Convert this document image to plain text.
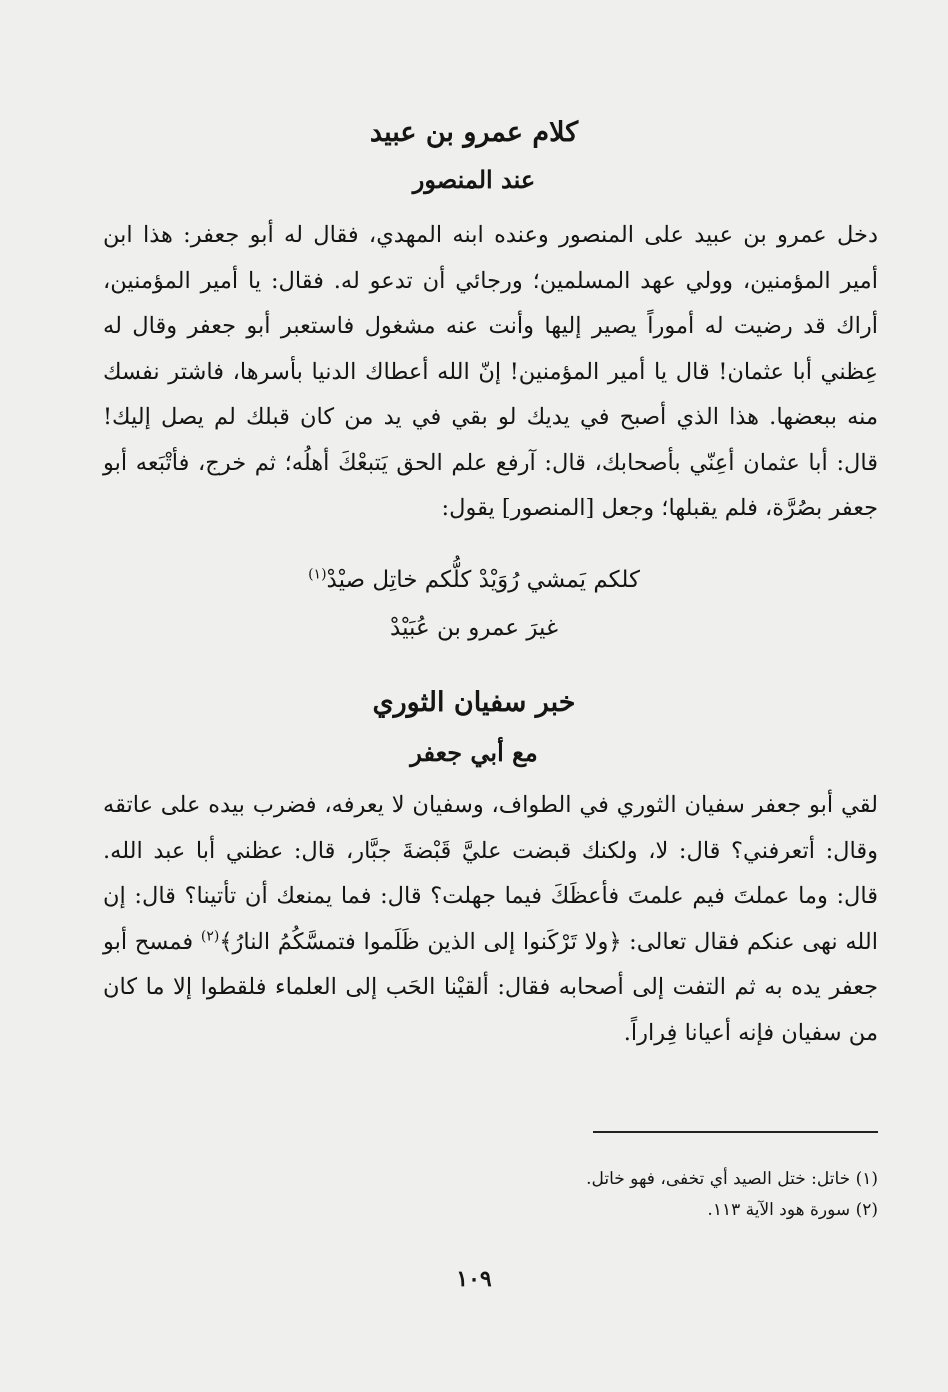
كلام عمرو بن عبيد
عند المنصور

دخل عمرو بن عبيد على المنصور وعنده ابنه المهدي، فقال له أبو جعفر: هذا ابن أمير المؤمنين، وولي عهد المسلمين؛ ورجائي أن تدعو له. فقال: يا أمير المؤمنين، أراك قد رضيت له أموراً يصير إليها وأنت عنه مشغول فاستعبر أبو جعفر وقال له عِظني أبا عثمان! قال يا أمير المؤمنين! إنّ الله أعطاك الدنيا بأسرها، فاشتر نفسك منه ببعضها. هذا الذي أصبح في يديك لو بقي في يد من كان قبلك لم يصل إليك! قال: أبا عثمان أعِنّي بأصحابك، قال: آرفع علم الحق يَتبعْكَ أهلُه؛ ثم خرج، فأتْبَعه أبو جعفر بصُرَّة، فلم يقبلها؛ وجعل [المنصور] يقول:

كلكم يَمشي رُوَيْدْ كلُّكم خاتِل صيْدْ$^{(١)}$
غيرَ عمرو بن عُبَيْدْ
خبر سفيان الثوري
مع أبي جعفر

لقي أبو جعفر سفيان الثوري في الطواف، وسفيان لا يعرفه، فضرب بيده على عاتقه وقال: أتعرفني؟ قال: لا، ولكنك قبضت عليَّ قَبْضةَ جبَّار، قال: عظني أبا عبد الله. قال: وما عملتَ فيم علمتَ فأعظَكَ فيما جهلت؟ قال: فما يمنعك أن تأتينا؟ قال: إن الله نهى عنكم فقال تعالى: ﴿ولا تَرْكَنوا إلى الذين ظَلَموا فتمسَّكُمُ النارُ﴾$^{(٢)}$ فمسح أبو جعفر يده به ثم التفت إلى أصحابه فقال: ألقيْنا الحَب إلى العلماء فلقطوا إلا ما كان من سفيان فإنه أعيانا فِراراً.

(١) خاتل: ختل الصيد أي تخفى، فهو خاتل.

(٢) سورة هود الآية ١١٣.

١٠٩
